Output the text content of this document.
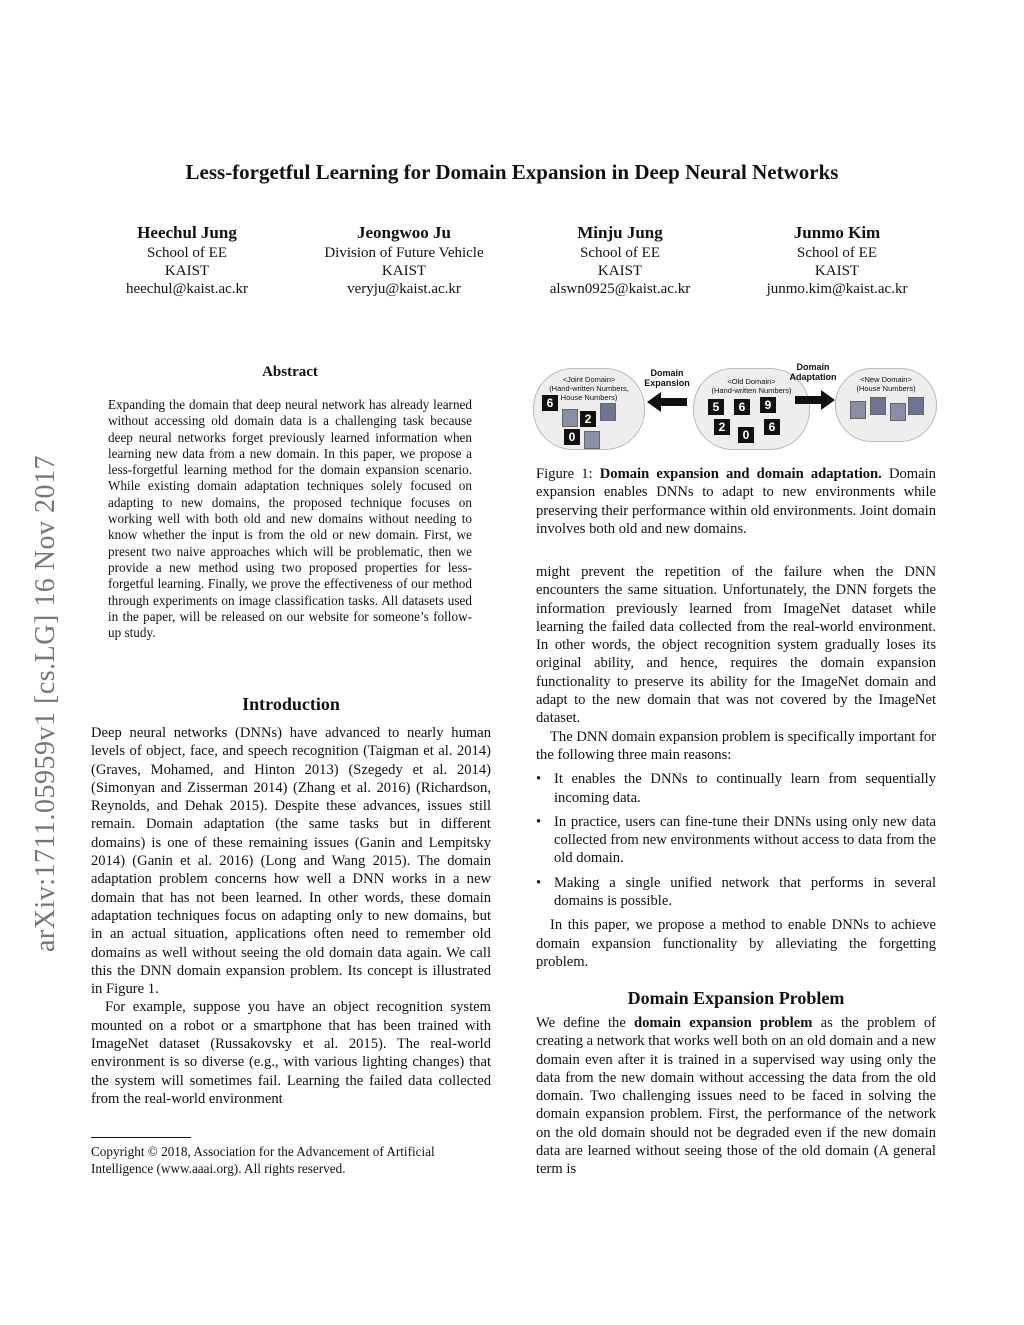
Less-forgetful Learning for Domain Expansion in Deep Neural Networks
Heechul Jung
School of EE
KAIST
heechul@kaist.ac.kr
Jeongwoo Ju
Division of Future Vehicle
KAIST
veryju@kaist.ac.kr
Minju Jung
School of EE
KAIST
alswn0925@kaist.ac.kr
Junmo Kim
School of EE
KAIST
junmo.kim@kaist.ac.kr
arXiv:1711.05959v1 [cs.LG] 16 Nov 2017
Abstract
Expanding the domain that deep neural network has already learned without accessing old domain data is a challenging task because deep neural networks forget previously learned information when learning new data from a new domain. In this paper, we propose a less-forgetful learning method for the domain expansion scenario. While existing domain adaptation techniques solely focused on adapting to new domains, the proposed technique focuses on working well with both old and new domains without needing to know whether the input is from the old or new domain. First, we present two naive approaches which will be problematic, then we provide a new method using two proposed properties for less-forgetful learning. Finally, we prove the effectiveness of our method through experiments on image classification tasks. All datasets used in the paper, will be released on our website for someone’s follow-up study.
Introduction

Deep neural networks (DNNs) have advanced to nearly human levels of object, face, and speech recognition (Taigman et al. 2014) (Graves, Mohamed, and Hinton 2013) (Szegedy et al. 2014) (Simonyan and Zisserman 2014) (Zhang et al. 2016) (Richardson, Reynolds, and Dehak 2015). Despite these advances, issues still remain. Domain adaptation (the same tasks but in different domains) is one of these remaining issues (Ganin and Lempitsky 2014) (Ganin et al. 2016) (Long and Wang 2015). The domain adaptation problem concerns how well a DNN works in a new domain that has not been learned. In other words, these domain adaptation techniques focus on adapting only to new domains, but in an actual situation, applications often need to remember old domains as well without seeing the old domain data again. We call this the DNN domain expansion problem. Its concept is illustrated in Figure 1.

For example, suppose you have an object recognition system mounted on a robot or a smartphone that has been trained with ImageNet dataset (Russakovsky et al. 2015). The real-world environment is so diverse (e.g., with various lighting changes) that the system will sometimes fail. Learning the failed data collected from the real-world environment

Copyright © 2018, Association for the Advancement of Artificial Intelligence (www.aaai.org). All rights reserved.
<Joint Domain>
(Hand-written Numbers,
House Numbers)
6
2
0
Domain
Expansion	<Old Domain>
(Hand-written Numbers)
5	6	9
2
0
6
Domain
Adaptation	<New Domain>
(House Numbers)
Figure 1: Domain expansion and domain adaptation. Domain expansion enables DNNs to adapt to new environments while preserving their performance within old environments. Joint domain involves both old and new domains.

might prevent the repetition of the failure when the DNN encounters the same situation. Unfortunately, the DNN forgets the information previously learned from ImageNet dataset while learning the failed data collected from the real-world environment. In other words, the object recognition system gradually loses its original ability, and hence, requires the domain expansion functionality to preserve its ability for the ImageNet domain and adapt to the new domain that was not covered by the ImageNet dataset.

The DNN domain expansion problem is specifically important for the following three main reasons:

• It enables the DNNs to continually learn from sequentially incoming data.
• In practice, users can fine-tune their DNNs using only new data collected from new environments without access to data from the old domain.
• Making a single unified network that performs in several domains is possible.

In this paper, we propose a method to enable DNNs to achieve domain expansion functionality by alleviating the forgetting problem.

Domain Expansion Problem

We define the domain expansion problem as the problem of creating a network that works well both on an old domain and a new domain even after it is trained in a supervised way using only the data from the new domain without accessing the data from the old domain. Two challenging issues need to be faced in solving the domain expansion problem. First, the performance of the network on the old domain should not be degraded even if the new domain data are learned without seeing those of the old domain (A general term is
